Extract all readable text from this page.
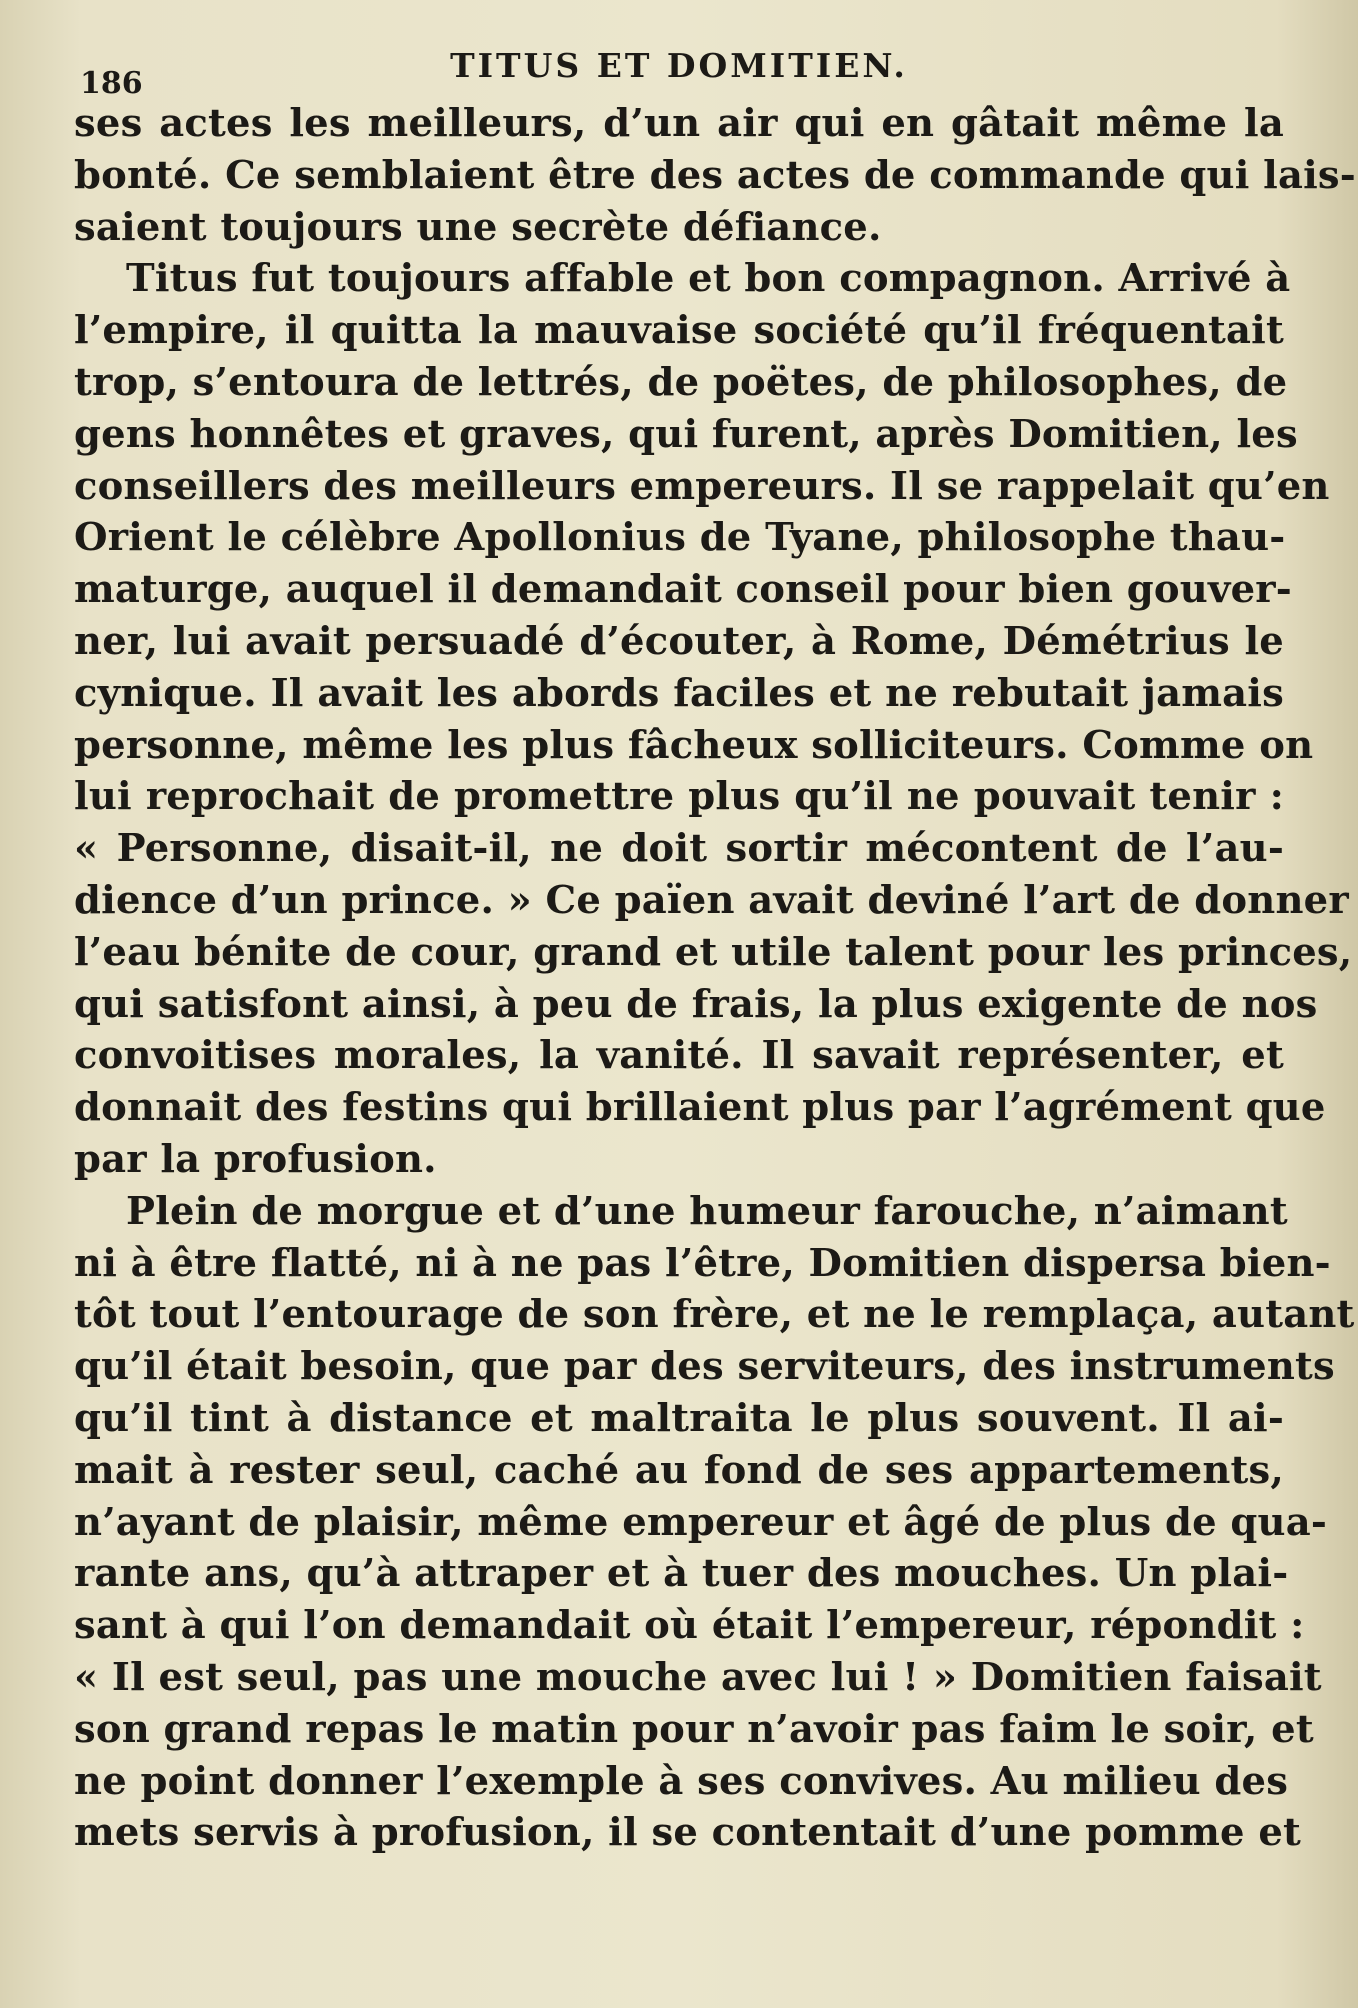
186	TITUS ET DOMITIEN.
ses actes les meilleurs, d’un air qui en gâtait même la
bonté. Ce semblaient être des actes de commande qui lais-
saient toujours une secrète défiance.
Titus fut toujours affable et bon compagnon. Arrivé à
l’empire, il quitta la mauvaise société qu’il fréquentait
trop, s’entoura de lettrés, de poëtes, de philosophes, de
gens honnêtes et graves, qui furent, après Domitien, les
conseillers des meilleurs empereurs. Il se rappelait qu’en
Orient le célèbre Apollonius de Tyane, philosophe thau-
maturge, auquel il demandait conseil pour bien gouver-
ner, lui avait persuadé d’écouter, à Rome, Démétrius le
cynique. Il avait les abords faciles et ne rebutait jamais
personne, même les plus fâcheux solliciteurs. Comme on
lui reprochait de promettre plus qu’il ne pouvait tenir :
« Personne, disait-il, ne doit sortir mécontent de l’au-
dience d’un prince. » Ce païen avait deviné l’art de donner
l’eau bénite de cour, grand et utile talent pour les princes,
qui satisfont ainsi, à peu de frais, la plus exigente de nos
convoitises morales, la vanité. Il savait représenter, et
donnait des festins qui brillaient plus par l’agrément que
par la profusion.
Plein de morgue et d’une humeur farouche, n’aimant
ni à être flatté, ni à ne pas l’être, Domitien dispersa bien-
tôt tout l’entourage de son frère, et ne le remplaça, autant
qu’il était besoin, que par des serviteurs, des instruments
qu’il tint à distance et maltraita le plus souvent. Il ai-
mait à rester seul, caché au fond de ses appartements,
n’ayant de plaisir, même empereur et âgé de plus de qua-
rante ans, qu’à attraper et à tuer des mouches. Un plai-
sant à qui l’on demandait où était l’empereur, répondit :
« Il est seul, pas une mouche avec lui ! » Domitien faisait
son grand repas le matin pour n’avoir pas faim le soir, et
ne point donner l’exemple à ses convives. Au milieu des
mets servis à profusion, il se contentait d’une pomme et
